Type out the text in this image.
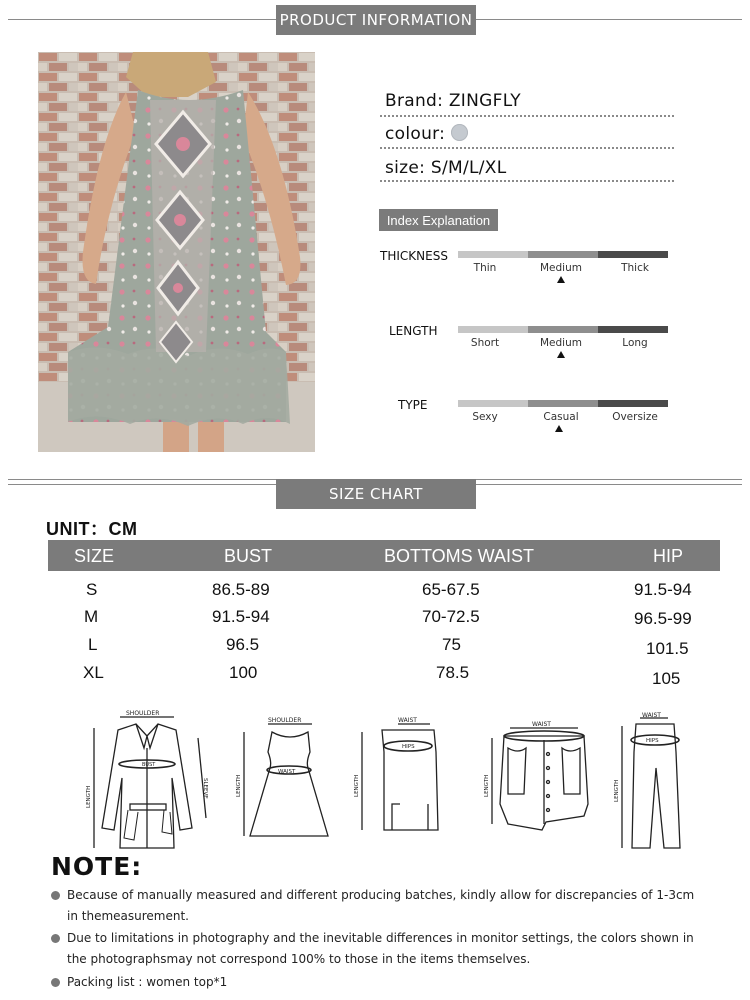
PRODUCT INFORMATION
Brand: ZINGFLY
colour:
size: S/M/L/XL
Index Explanation
THICKNESS
Thin	Medium	Thick
LENGTH
Short	Medium	Long
TYPE
Sexy	Casual	Oversize
SIZE CHART
UNIT：CM
SIZE	BUST	BOTTOMS WAIST	HIP
S	86.5-89	65-67.5	91.5-94
M	91.5-94	70-72.5	96.5-99
L	96.5	75	101.5
XL	100	78.5	105
SHOULDER
BUST
LENGTH	SLEEVE
SHOULDER
WAIST
LENGTH
WAIST
HIPS
LENGTH
WAIST
LENGTH
WAIST
HIPS
LENGTH
NOTE:
Because of manually measured and different producing batches, kindly allow for discrepancies of 1-3cm in themeasurement.
Due to limitations in photography and the inevitable differences in monitor settings, the colors shown in the photographsmay not correspond 100% to those in the items themselves.
Packing list : women top*1
